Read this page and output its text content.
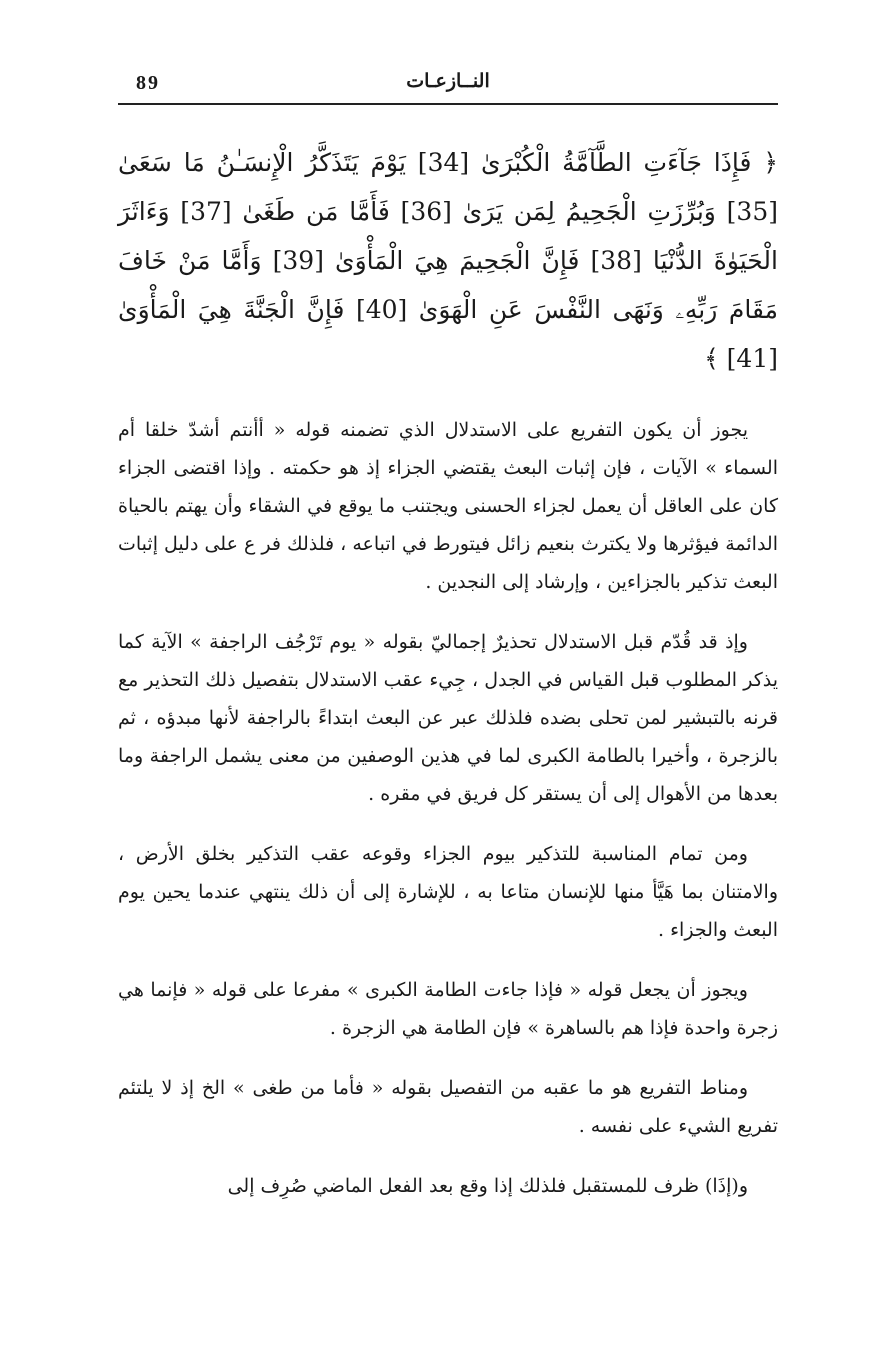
89	النــازعـات

﴿ فَإِذَا جَآءَتِ الطَّآمَّةُ الْكُبْرَىٰ [34] يَوْمَ يَتَذَكَّرُ الْإِنسَـٰنُ مَا سَعَىٰ [35] وَبُرِّزَتِ الْجَحِيمُ لِمَن يَرَىٰ [36] فَأَمَّا مَن طَغَىٰ [37] وَءَاثَرَ الْحَيَوٰةَ الدُّنْيَا [38] فَإِنَّ الْجَحِيمَ هِيَ الْمَأْوَىٰ [39] وَأَمَّا مَنْ خَافَ مَقَامَ رَبِّهِۦ وَنَهَى النَّفْسَ عَنِ الْهَوَىٰ [40] فَإِنَّ الْجَنَّةَ هِيَ الْمَأْوَىٰ [41] ﴾

يجوز أن يكون التفريع على الاستدلال الذي تضمنه قوله « أأنتم أشدّ خلقا أم السماء » الآيات ، فإن إثبات البعث يقتضي الجزاء إذ هو حكمته . وإذا اقتضى الجزاء كان على العاقل أن يعمل لجزاء الحسنى ويجتنب ما يوقع في الشقاء وأن يهتم بالحياة الدائمة فيؤثرها ولا يكترث بنعيم زائل فيتورط في اتباعه ، فلذلك فر ع على دليل إثبات البعث تذكير بالجزاءين ، وإرشاد إلى النجدين .

وإذ قد قُدّم قبل الاستدلال تحذيرٌ إجماليّ بقوله « يوم تَرْجُف الراجفة » الآية كما يذكر المطلوب قبل القياس في الجدل ، جِيء عقب الاستدلال بتفصيل ذلك التحذير مع قرنه بالتبشير لمن تحلى بضده فلذلك عبر عن البعث ابتداءً بالراجفة لأنها مبدؤه ، ثم بالزجرة ، وأخيرا بالطامة الكبرى لما في هذين الوصفين من معنى يشمل الراجفة وما بعدها من الأهوال إلى أن يستقر كل فريق في مقره .

ومن تمام المناسبة للتذكير بيوم الجزاء وقوعه عقب التذكير بخلق الأرض ، والامتنان بما هَيَّأ منها للإنسان متاعا به ، للإشارة إلى أن ذلك ينتهي عندما يحين يوم البعث والجزاء .

ويجوز أن يجعل قوله « فإذا جاءت الطامة الكبرى » مفرعا على قوله « فإنما هي زجرة واحدة فإذا هم بالساهرة » فإن الطامة هي الزجرة .

ومناط التفريع هو ما عقبه من التفصيل بقوله « فأما من طغى » الخ إذ لا يلتئم تفريع الشيء على نفسه .

و(إذَا) ظرف للمستقبل فلذلك إذا وقع بعد الفعل الماضي صُرِف إلى
